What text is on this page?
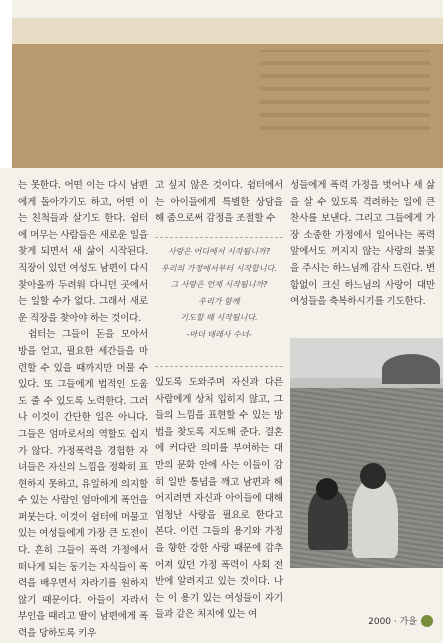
는 못한다. 어떤 이는 다시 남편에게 돌아가기도 하고, 어떤 이는 친척들과 살기도 한다. 쉼터에 머무는 사람들은 새로운 일을 찾게 되면서 새 삶이 시작된다. 직장이 있던 여성도 남편이 다시 찾아올까 두려워 다니던 곳에서는 일할 수가 없다. 그래서 새로운 직장을 찾아야 하는 것이다.

쉼터는 그들이 돈을 모아서 방을 얻고, 필요한 세간들을 마련할 수 있을 때까지만 머물 수 있다. 또 그들에게 법적인 도움도 줄 수 있도록 노력한다. 그러나 이것이 간단한 일은 아니다. 그들은 엄마로서의 역할도 쉽지가 않다. 가정폭력을 경험한 자녀들은 자신의 느낌을 정확히 표현하지 못하고, 유일하게 의지할 수 있는 사람인 엄마에게 폭언을 퍼붓는다. 이것이 쉼터에 머물고 있는 여성들에게 가장 큰 도전이다. 흔히 그들이 폭력 가정에서 떠나게 되는 동기는 자식들이 폭력을 배우면서 자라기를 원하지 않기 때문이다. 아들이 자라서 부인을 때리고 딸이 남편에게 폭력을 당하도록 키우

고 싶지 않은 것이다. 쉼터에서는 아이들에게 특별한 상담을 해 줌으로써 감정을 조절할 수

사랑은 어디에서 시작됩니까?
우리의 가정에서부터 시작합니다.
그 사랑은 언제 시작됩니까?
우리가 함께
기도할 때 시작됩니다.
-마더 데레사 수녀-

있도록 도와주며 자신과 다른 사람에게 상처 입히지 않고, 그들의 느낌을 표현할 수 있는 방법을 찾도록 지도해 준다. 결혼에 커다란 의미를 부여하는 대만의 문화 안에 사는 이들이 감히 일반 통념을 깨고 남편과 헤어지려면 자신과 아이들에 대해 엄청난 사랑을 필요로 한다고 본다. 이런 그들의 용기와 가정을 향한 강한 사랑 때문에 감추어져 있던 가정 폭력이 사회 전반에 알려지고 있는 것이다. 나는 이 용기 있는 여성들이 자기들과 같은 처지에 있는 여

성들에게 폭력 가정을 벗어나 새 삶을 살 수 있도록 격려하는 일에 큰 찬사를 보낸다. 그리고 그들에게 가장 소중한 가정에서 일어나는 폭력 앞에서도 꺼지지 않는 사랑의 불꽃을 주시는 하느님께 감사 드린다. 변함없이 크신 하느님의 사랑이 대만 여성들을 축복하시기를 기도한다.

2000 · 가을
